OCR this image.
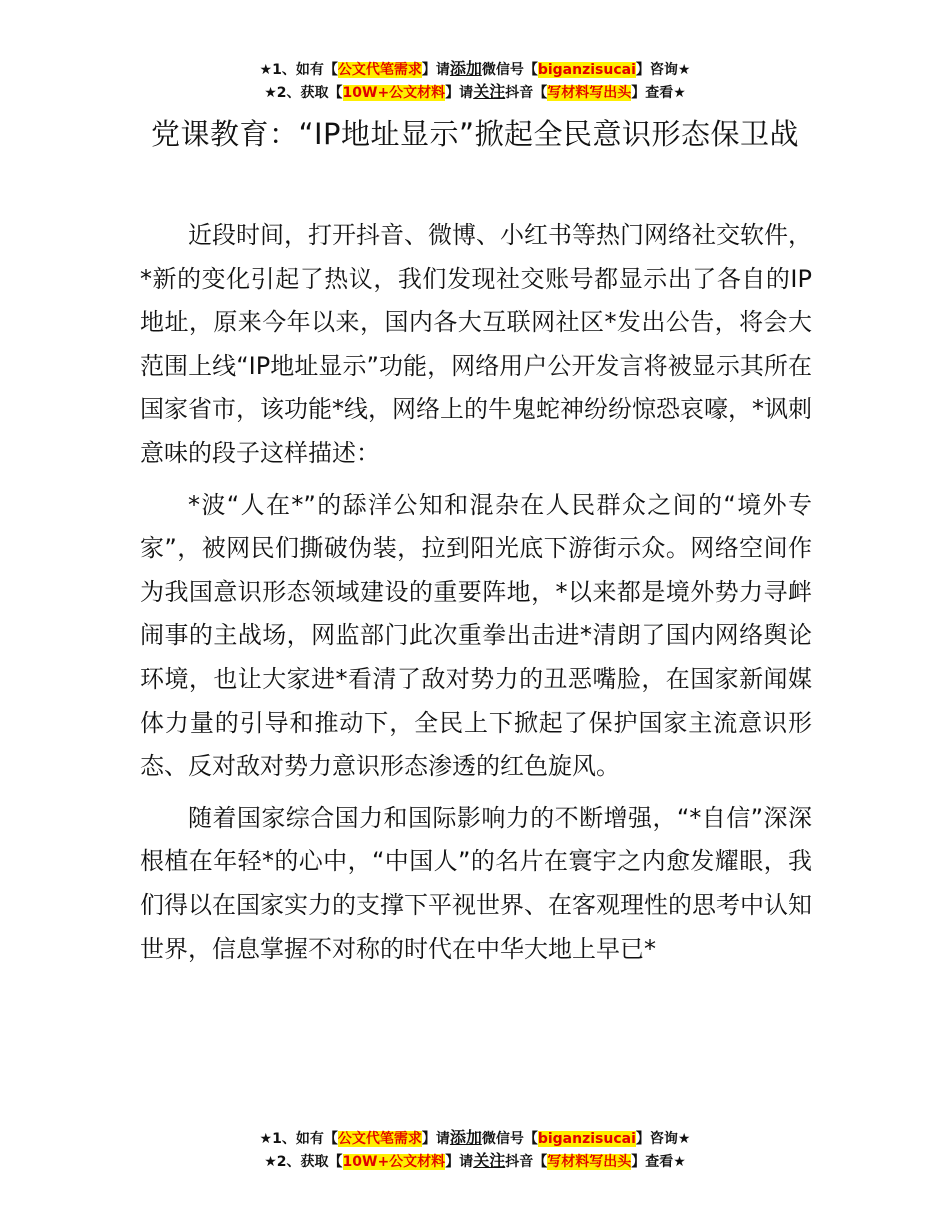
★1、如有【公文代笔需求】请添加微信号【biganzisucai】咨询★
★2、获取【10W+公文材料】请关注抖音【写材料写出头】查看★
党课教育：“IP地址显示”掀起全民意识形态保卫战

近段时间，打开抖音、微博、小红书等热门网络社交软件，*新的变化引起了热议，我们发现社交账号都显示出了各自的IP地址，原来今年以来，国内各大互联网社区*发出公告，将会大范围上线“IP地址显示”功能，网络用户公开发言将被显示其所在国家省市，该功能*线，网络上的牛鬼蛇神纷纷惊恐哀嚎，*讽刺意味的段子这样描述：

*波“人在*”的舔洋公知和混杂在人民群众之间的“境外专家”，被网民们撕破伪装，拉到阳光底下游街示众。网络空间作为我国意识形态领域建设的重要阵地，*以来都是境外势力寻衅闹事的主战场，网监部门此次重拳出击进*清朗了国内网络舆论环境，也让大家进*看清了敌对势力的丑恶嘴脸，在国家新闻媒体力量的引导和推动下，全民上下掀起了保护国家主流意识形态、反对敌对势力意识形态渗透的红色旋风。

随着国家综合国力和国际影响力的不断增强，“*自信”深深根植在年轻*的心中，“中国人”的名片在寰宇之内愈发耀眼，我们得以在国家实力的支撑下平视世界、在客观理性的思考中认知世界，信息掌握不对称的时代在中华大地上早已*

★1、如有【公文代笔需求】请添加微信号【biganzisucai】咨询★
★2、获取【10W+公文材料】请关注抖音【写材料写出头】查看★
